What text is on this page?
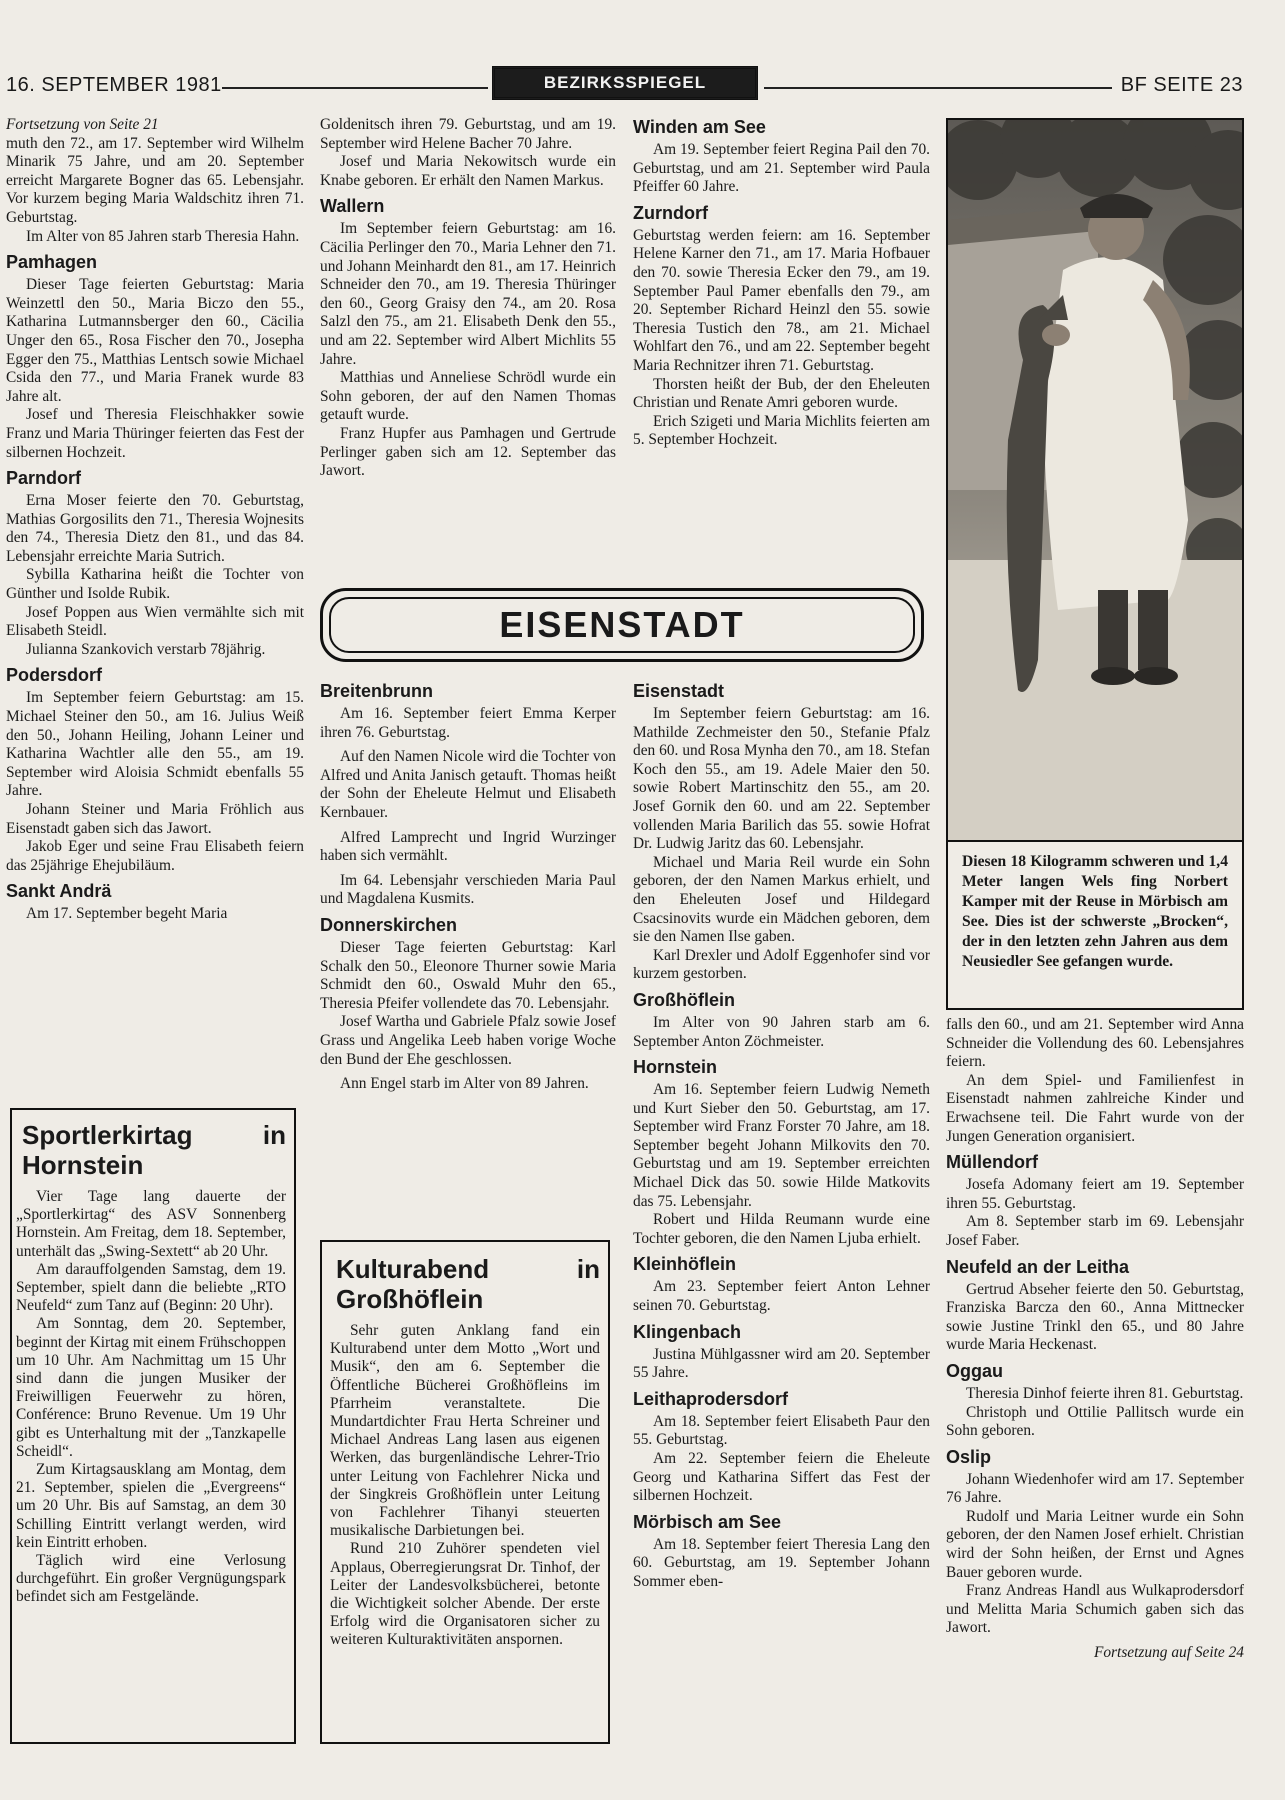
16. SEPTEMBER 1981	BEZIRKSSPIEGEL	BF SEITE 23

Fortsetzung von Seite 21

muth den 72., am 17. September wird Wilhelm Minarik 75 Jahre, und am 20. September erreicht Margarete Bogner das 65. Lebensjahr. Vor kurzem beging Maria Waldschitz ihren 71. Geburtstag.

Im Alter von 85 Jahren starb Theresia Hahn.

Pamhagen

Dieser Tage feierten Geburtstag: Maria Weinzettl den 50., Maria Biczo den 55., Katharina Lutmannsberger den 60., Cäcilia Unger den 65., Rosa Fischer den 70., Josepha Egger den 75., Matthias Lentsch sowie Michael Csida den 77., und Maria Franek wurde 83 Jahre alt.

Josef und Theresia Fleischhakker sowie Franz und Maria Thüringer feierten das Fest der silbernen Hochzeit.

Parndorf

Erna Moser feierte den 70. Geburtstag, Mathias Gorgosilits den 71., Theresia Wojnesits den 74., Theresia Dietz den 81., und das 84. Lebensjahr erreichte Maria Sutrich.

Sybilla Katharina heißt die Tochter von Günther und Isolde Rubik.

Josef Poppen aus Wien vermählte sich mit Elisabeth Steidl.

Julianna Szankovich verstarb 78jährig.

Podersdorf

Im September feiern Geburtstag: am 15. Michael Steiner den 50., am 16. Julius Weiß den 50., Johann Heiling, Johann Leiner und Katharina Wachtler alle den 55., am 19. September wird Aloisia Schmidt ebenfalls 55 Jahre.

Johann Steiner und Maria Fröhlich aus Eisenstadt gaben sich das Jawort.

Jakob Eger und seine Frau Elisabeth feiern das 25jährige Ehejubiläum.

Sankt Andrä

Am 17. September begeht Maria

Goldenitsch ihren 79. Geburtstag, und am 19. September wird Helene Bacher 70 Jahre.

Josef und Maria Nekowitsch wurde ein Knabe geboren. Er erhält den Namen Markus.

Wallern

Im September feiern Geburtstag: am 16. Cäcilia Perlinger den 70., Maria Lehner den 71. und Johann Meinhardt den 81., am 17. Heinrich Schneider den 70., am 19. Theresia Thüringer den 60., Georg Graisy den 74., am 20. Rosa Salzl den 75., am 21. Elisabeth Denk den 55., und am 22. September wird Albert Michlits 55 Jahre.

Matthias und Anneliese Schrödl wurde ein Sohn geboren, der auf den Namen Thomas getauft wurde.

Franz Hupfer aus Pamhagen und Gertrude Perlinger gaben sich am 12. September das Jawort.

Winden am See

Am 19. September feiert Regina Pail den 70. Geburtstag, und am 21. September wird Paula Pfeiffer 60 Jahre.

Zurndorf

Geburtstag werden feiern: am 16. September Helene Karner den 71., am 17. Maria Hofbauer den 70. sowie Theresia Ecker den 79., am 19. September Paul Pamer ebenfalls den 79., am 20. September Richard Heinzl den 55. sowie Theresia Tustich den 78., am 21. Michael Wohlfart den 76., und am 22. September begeht Maria Rechnitzer ihren 71. Geburtstag.

Thorsten heißt der Bub, der den Eheleuten Christian und Renate Amri geboren wurde.

Erich Szigeti und Maria Michlits feierten am 5. September Hochzeit.

Diesen 18 Kilogramm schweren und 1,4 Meter langen Wels fing Norbert Kamper mit der Reuse in Mörbisch am See. Dies ist der schwerste „Brocken“, der in den letzten zehn Jahren aus dem Neusiedler See gefangen wurde.
EISENSTADT
Breitenbrunn

Am 16. September feiert Emma Kerper ihren 76. Geburtstag.

Auf den Namen Nicole wird die Tochter von Alfred und Anita Janisch getauft. Thomas heißt der Sohn der Eheleute Helmut und Elisabeth Kernbauer.

Alfred Lamprecht und Ingrid Wurzinger haben sich vermählt.

Im 64. Lebensjahr verschieden Maria Paul und Magdalena Kusmits.

Donnerskirchen

Dieser Tage feierten Geburtstag: Karl Schalk den 50., Eleonore Thurner sowie Maria Schmidt den 60., Oswald Muhr den 65., Theresia Pfeifer vollendete das 70. Lebensjahr.

Josef Wartha und Gabriele Pfalz sowie Josef Grass und Angelika Leeb haben vorige Woche den Bund der Ehe geschlossen.

Ann Engel starb im Alter von 89 Jahren.

Eisenstadt

Im September feiern Geburtstag: am 16. Mathilde Zechmeister den 50., Stefanie Pfalz den 60. und Rosa Mynha den 70., am 18. Stefan Koch den 55., am 19. Adele Maier den 50. sowie Robert Martinschitz den 55., am 20. Josef Gornik den 60. und am 22. September vollenden Maria Barilich das 55. sowie Hofrat Dr. Ludwig Jaritz das 60. Lebensjahr.

Michael und Maria Reil wurde ein Sohn geboren, der den Namen Markus erhielt, und den Eheleuten Josef und Hildegard Csacsinovits wurde ein Mädchen geboren, dem sie den Namen Ilse gaben.

Karl Drexler und Adolf Eggenhofer sind vor kurzem gestorben.

Großhöflein

Im Alter von 90 Jahren starb am 6. September Anton Zöchmeister.

Hornstein

Am 16. September feiern Ludwig Nemeth und Kurt Sieber den 50. Geburtstag, am 17. September wird Franz Forster 70 Jahre, am 18. September begeht Johann Milkovits den 70. Geburtstag und am 19. September erreichten Michael Dick das 50. sowie Hilde Matkovits das 75. Lebensjahr.

Robert und Hilda Reumann wurde eine Tochter geboren, die den Namen Ljuba erhielt.

Kleinhöflein

Am 23. September feiert Anton Lehner seinen 70. Geburtstag.

Klingenbach

Justina Mühlgassner wird am 20. September 55 Jahre.

Leithaprodersdorf

Am 18. September feiert Elisabeth Paur den 55. Geburtstag.

Am 22. September feiern die Eheleute Georg und Katharina Siffert das Fest der silbernen Hochzeit.

Mörbisch am See

Am 18. September feiert Theresia Lang den 60. Geburtstag, am 19. September Johann Sommer eben-

falls den 60., und am 21. September wird Anna Schneider die Vollendung des 60. Lebensjahres feiern.

An dem Spiel- und Familienfest in Eisenstadt nahmen zahlreiche Kinder und Erwachsene teil. Die Fahrt wurde von der Jungen Generation organisiert.

Müllendorf

Josefa Adomany feiert am 19. September ihren 55. Geburtstag.

Am 8. September starb im 69. Lebensjahr Josef Faber.

Neufeld an der Leitha

Gertrud Abseher feierte den 50. Geburtstag, Franziska Barcza den 60., Anna Mittnecker sowie Justine Trinkl den 65., und 80 Jahre wurde Maria Heckenast.

Oggau

Theresia Dinhof feierte ihren 81. Geburtstag.

Christoph und Ottilie Pallitsch wurde ein Sohn geboren.

Oslip

Johann Wiedenhofer wird am 17. September 76 Jahre.

Rudolf und Maria Leitner wurde ein Sohn geboren, der den Namen Josef erhielt. Christian wird der Sohn heißen, der Ernst und Agnes Bauer geboren wurde.

Franz Andreas Handl aus Wulkaprodersdorf und Melitta Maria Schumich gaben sich das Jawort.

Fortsetzung auf Seite 24

Sportlerkirtag in Hornstein

Vier Tage lang dauerte der „Sportlerkirtag“ des ASV Sonnenberg Hornstein. Am Freitag, dem 18. September, unterhält das „Swing-Sextett“ ab 20 Uhr.

Am darauffolgenden Samstag, dem 19. September, spielt dann die beliebte „RTO Neufeld“ zum Tanz auf (Beginn: 20 Uhr).

Am Sonntag, dem 20. September, beginnt der Kirtag mit einem Frühschoppen um 10 Uhr. Am Nachmittag um 15 Uhr sind dann die jungen Musiker der Freiwilligen Feuerwehr zu hören, Conférence: Bruno Revenue. Um 19 Uhr gibt es Unterhaltung mit der „Tanzkapelle Scheidl“.

Zum Kirtagsausklang am Montag, dem 21. September, spielen die „Evergreens“ um 20 Uhr. Bis auf Samstag, an dem 30 Schilling Eintritt verlangt werden, wird kein Eintritt erhoben.

Täglich wird eine Verlosung durchgeführt. Ein großer Vergnügungspark befindet sich am Festgelände.

Kulturabend in Großhöflein

Sehr guten Anklang fand ein Kulturabend unter dem Motto „Wort und Musik“, den am 6. September die Öffentliche Bücherei Großhöfleins im Pfarrheim veranstaltete. Die Mundartdichter Frau Herta Schreiner und Michael Andreas Lang lasen aus eigenen Werken, das burgenländische Lehrer-Trio unter Leitung von Fachlehrer Nicka und der Singkreis Großhöflein unter Leitung von Fachlehrer Tihanyi steuerten musikalische Darbietungen bei.

Rund 210 Zuhörer spendeten viel Applaus, Oberregierungsrat Dr. Tinhof, der Leiter der Landesvolksbücherei, betonte die Wichtigkeit solcher Abende. Der erste Erfolg wird die Organisatoren sicher zu weiteren Kulturaktivitäten anspornen.
